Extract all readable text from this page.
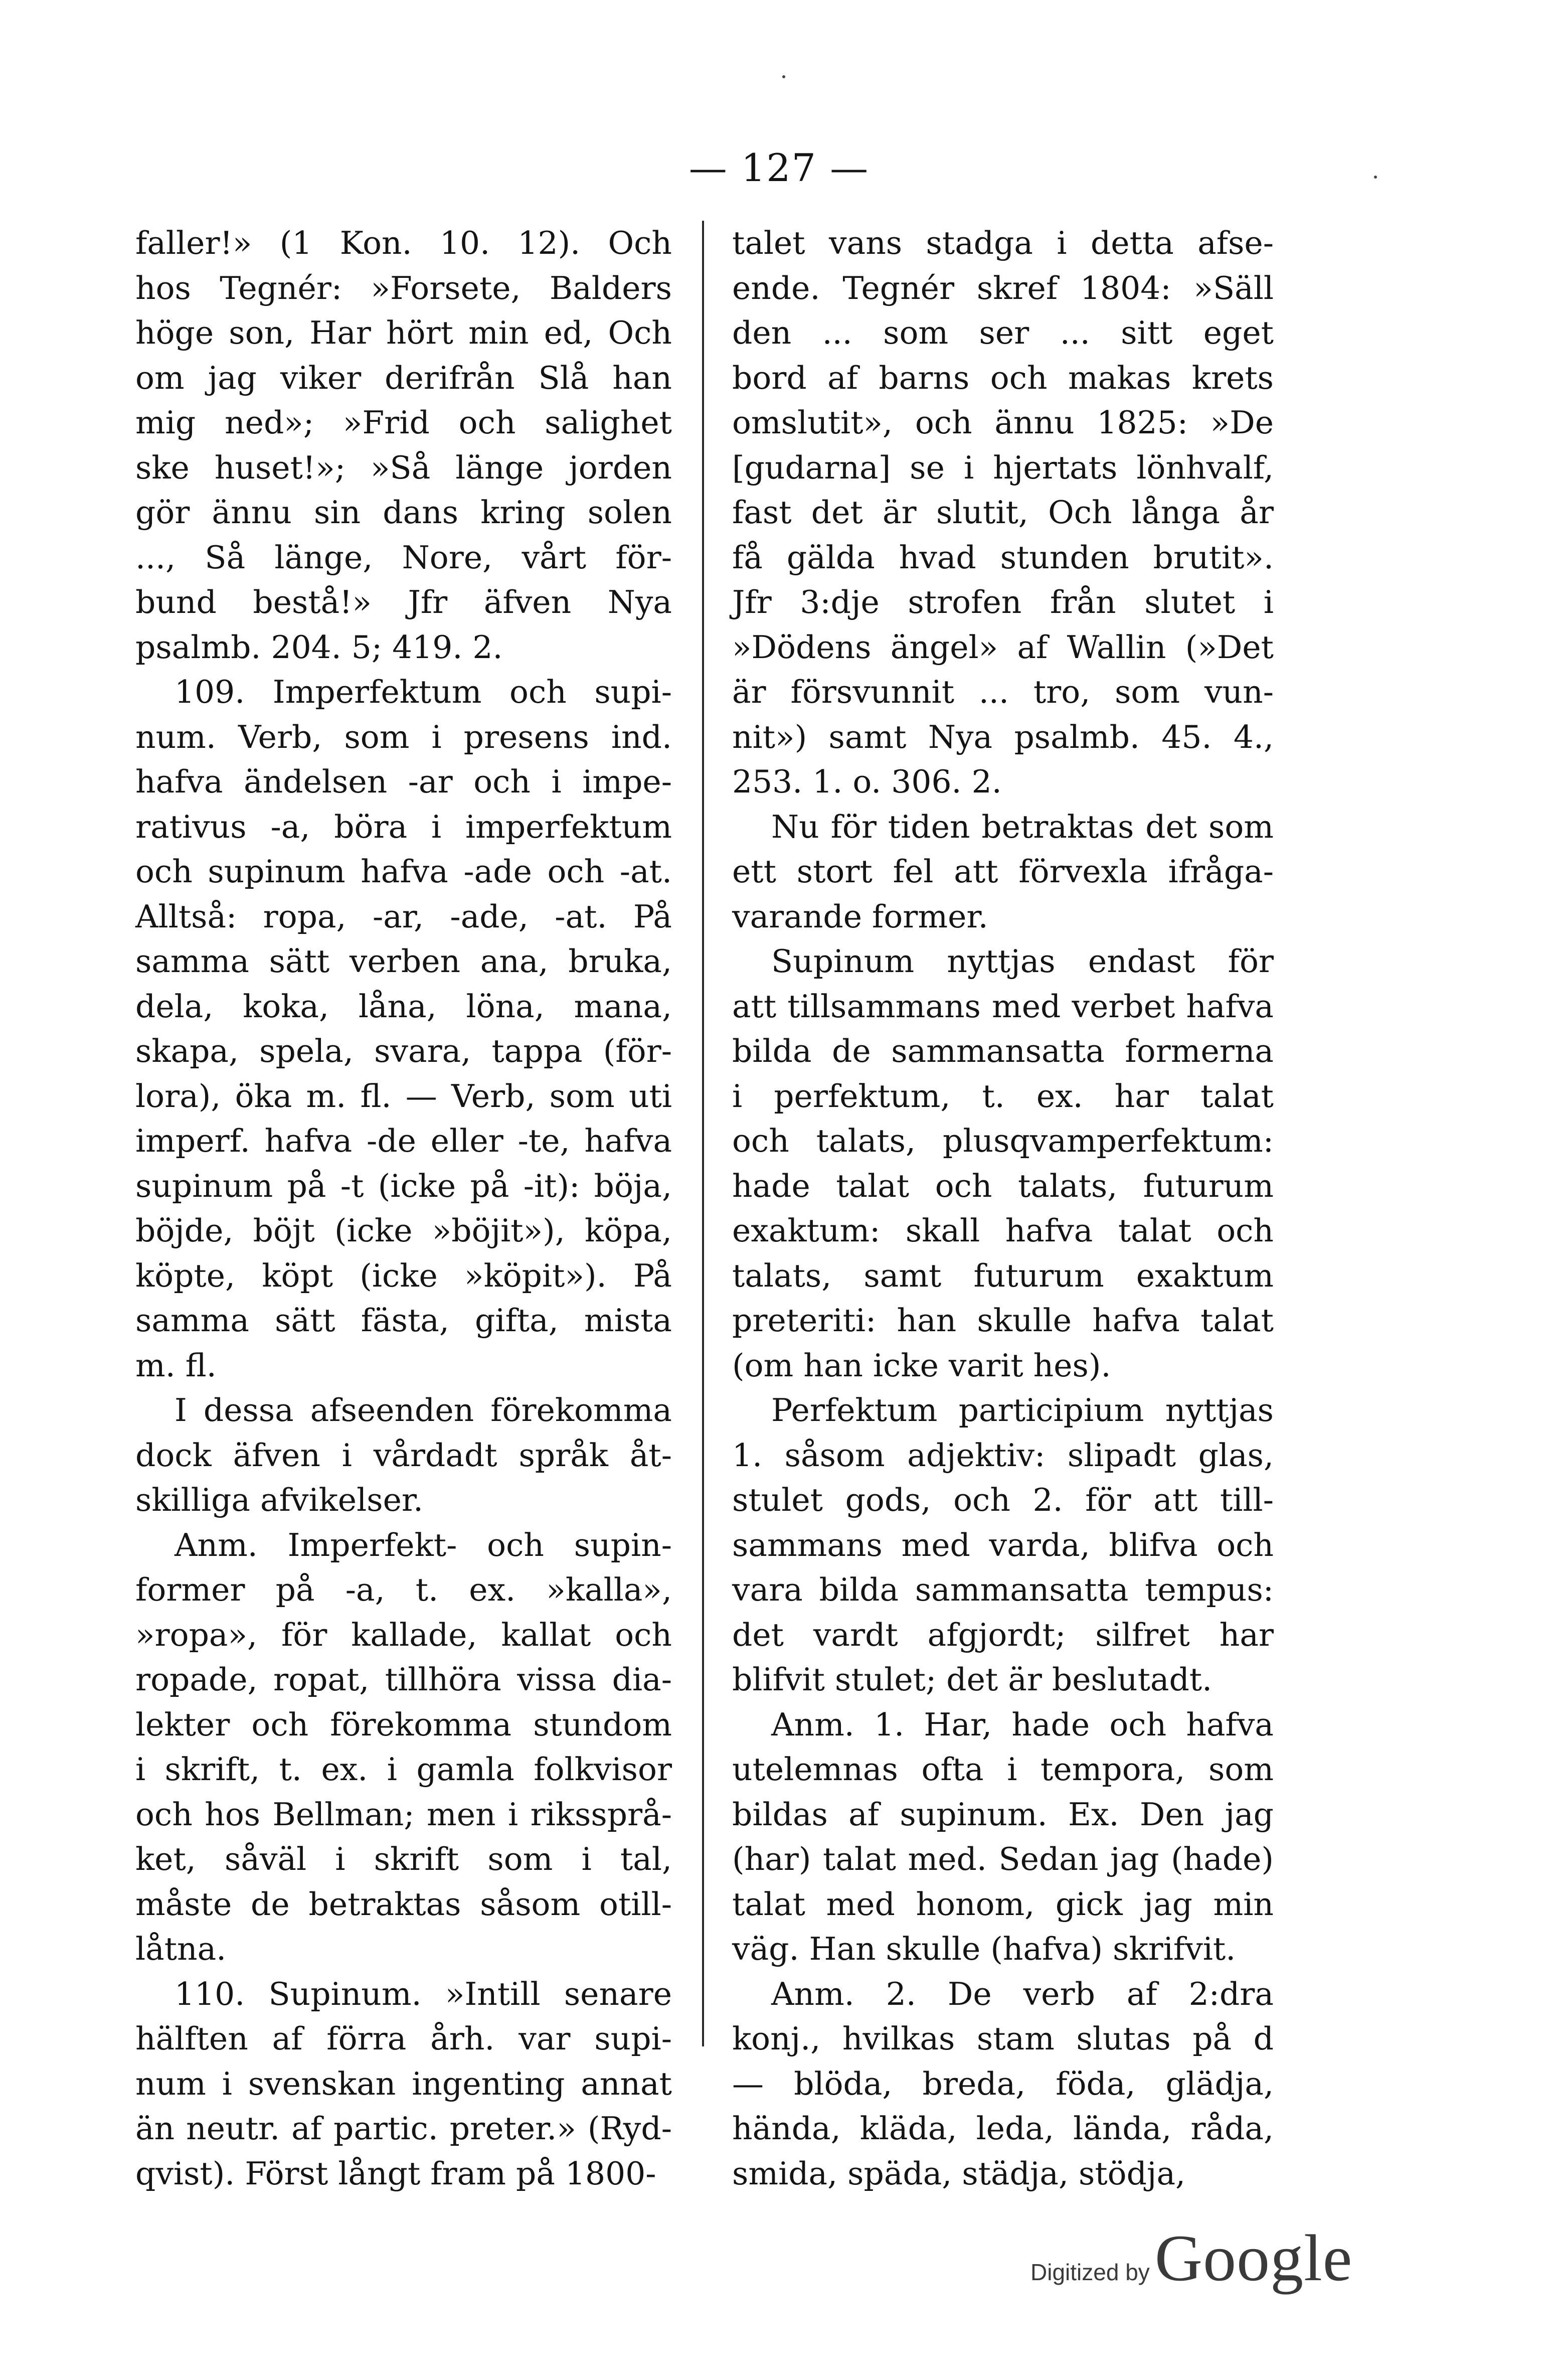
— 127 —
faller!» (1 Kon. 10. 12). Och
hos Tegnér: »Forsete, Balders
höge son, Har hört min ed, Och
om jag viker derifrån Slå han
mig ned»; »Frid och salighet
ske huset!»; »Så länge jorden
gör ännu sin dans kring solen
..., Så länge, Nore, vårt för-
bund bestå!» Jfr äfven Nya
psalmb. 204. 5; 419. 2.
109. Imperfektum och supi-
num. Verb, som i presens ind.
hafva ändelsen -ar och i impe-
rativus -a, böra i imperfektum
och supinum hafva -ade och -at.
Alltså: ropa, -ar, -ade, -at. På
samma sätt verben ana, bruka,
dela, koka, låna, löna, mana,
skapa, spela, svara, tappa (för-
lora), öka m. fl. — Verb, som uti
imperf. hafva -de eller -te, hafva
supinum på -t (icke på -it): böja,
böjde, böjt (icke »böjit»), köpa,
köpte, köpt (icke »köpit»). På
samma sätt fästa, gifta, mista
m. fl.
I dessa afseenden förekomma
dock äfven i vårdadt språk åt-
skilliga afvikelser.
Anm. Imperfekt- och supin-
former på -a, t. ex. »kalla»,
»ropa», för kallade, kallat och
ropade, ropat, tillhöra vissa dia-
lekter och förekomma stundom
i skrift, t. ex. i gamla folkvisor
och hos Bellman; men i rikssprå-
ket, såväl i skrift som i tal,
måste de betraktas såsom otill-
låtna.
110. Supinum. »Intill senare
hälften af förra årh. var supi-
num i svenskan ingenting annat
än neutr. af partic. preter.» (Ryd-
qvist). Först långt fram på 1800-
talet vans stadga i detta afse-
ende. Tegnér skref 1804: »Säll
den ... som ser ... sitt eget
bord af barns och makas krets
omslutit», och ännu 1825: »De
[gudarna] se i hjertats lönhvalf,
fast det är slutit, Och långa år
få gälda hvad stunden brutit».
Jfr 3:dje strofen från slutet i
»Dödens ängel» af Wallin (»Det
är försvunnit ... tro, som vun-
nit») samt Nya psalmb. 45. 4.,
253. 1. o. 306. 2.
Nu för tiden betraktas det som
ett stort fel att förvexla ifråga-
varande former.
Supinum nyttjas endast för
att tillsammans med verbet hafva
bilda de sammansatta formerna
i perfektum, t. ex. har talat
och talats, plusqvamperfektum:
hade talat och talats, futurum
exaktum: skall hafva talat och
talats, samt futurum exaktum
preteriti: han skulle hafva talat
(om han icke varit hes).
Perfektum participium nyttjas
1. såsom adjektiv: slipadt glas,
stulet gods, och 2. för att till-
sammans med varda, blifva och
vara bilda sammansatta tempus:
det vardt afgjordt; silfret har
blifvit stulet; det är beslutadt.
Anm. 1. Har, hade och hafva
utelemnas ofta i tempora, som
bildas af supinum. Ex. Den jag
(har) talat med. Sedan jag (hade)
talat med honom, gick jag min
väg. Han skulle (hafva) skrifvit.
Anm. 2. De verb af 2:dra
konj., hvilkas stam slutas på d
— blöda, breda, föda, glädja,
hända, kläda, leda, lända, råda,
smida, späda, städja, stödja,
Digitized by Google
